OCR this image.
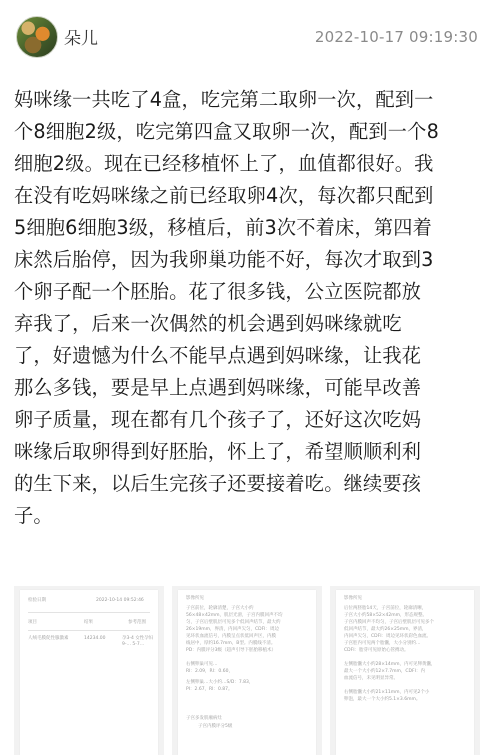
朵儿	2022-10-17 09:19:30

妈咪缘一共吃了4盒，吃完第二取卵一次，配到一
个8细胞2级，吃完第四盒又取卵一次，配到一个8
细胞2级。现在已经移植怀上了，血值都很好。我
在没有吃妈咪缘之前已经取卵4次，每次都只配到
5细胞6细胞3级，移植后，前3次不着床，第四着
床然后胎停，因为我卵巢功能不好，每次才取到3
个卵子配一个胚胎。花了很多钱，公立医院都放
弃我了，后来一次偶然的机会遇到妈咪缘就吃
了，好遗憾为什么不能早点遇到妈咪缘，让我花
那么多钱，要是早上点遇到妈咪缘，可能早改善
卵子质量，现在都有几个孩子了，还好这次吃妈
咪缘后取卵得到好胚胎，怀上了，希望顺顺利利
的生下来，以后生完孩子还要接着吃。继续要孩
子。

检验日期	2022-10-14 09:52:46
项目	结果	参考范围
人绒毛膜促性腺激素	14234.00	孕3-4 女性孕妇 9-… 5-7…
影像所见
子宫前位，轮廓清楚，子宫大小约
56×48×42mm，肌层光滑，子宫内膜回声不均
匀，子宫后壁肌层可见多个低回声结节，最大约
26×19mm，界清，内回声欠匀，CDFI：周边
见环状血流信号，内膜呈点状低回声区，内膜
线居中，厚约16.7mm，B型。内膜线不清。
PD：内膜评分3级（超声引导下胚胎移植术）
右侧卵巢可见…
RI：2.09，RI：0.60，
左侧卵巢…大小约…S/D：7.83，
PI：2.67，RI：0.87。
子宫多发肌瘤病灶
子宫内膜评分5级
影像所见
后位两胚胎14天，子宫前位，轮廓清晰，
子宫大小约58×52×42mm，形态规整。
子宫内膜回声不均匀，子宫后壁肌层可见多个
低回声结节，最大约26×25mm，界清，
内回声欠匀，CDFI：周边见环状彩色血流。
子宫腔内可见两个胎囊，大小分别约…
CDFI：胎芽可见原始心管搏动。
左侧胎囊大小约28×14mm，内可见卵黄囊，
最大一个大小约12×7.7mm，CDFI：内
血流信号，未见明显异常。
右侧胎囊大小约21×11mm，内可见2个小
卵泡，最大一个大小约5.1×3.6mm。
